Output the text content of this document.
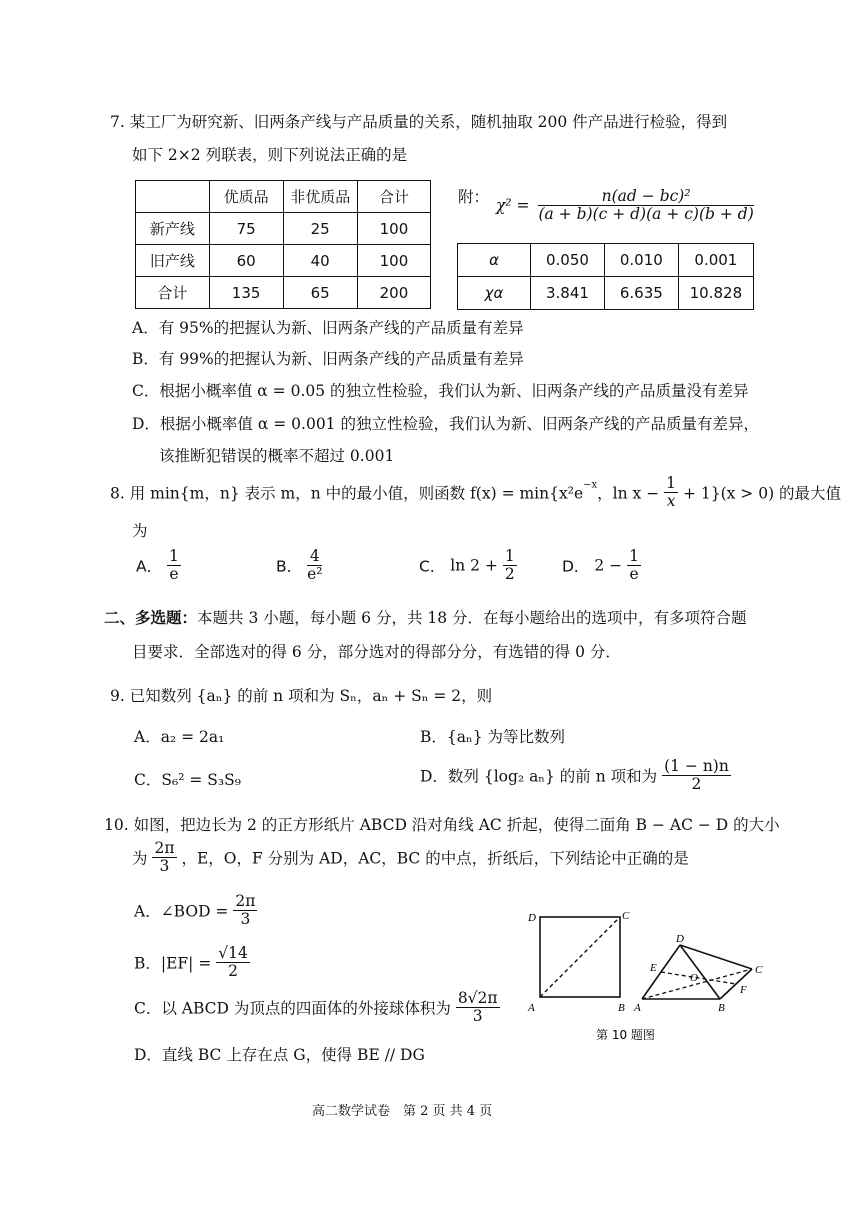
7. 某工厂为研究新、旧两条产线与产品质量的关系，随机抽取 200 件产品进行检验，得到
如下 2×2 列联表，则下列说法正确的是
	优质品	非优质品	合计
新产线	75	25	100
旧产线	60	40	100
合计	135	65	200
附： $\chi^2 = \frac{\text{n(ad − bc)²}}{(a + b)(c + d)(a + c)(b + d)}$
α	0.050	0.010	0.001
χα	3.841	6.635	10.828
A．有 95%的把握认为新、旧两条产线的产品质量有差异
B．有 99%的把握认为新、旧两条产线的产品质量有差异
C．根据小概率值 α = 0.05 的独立性检验，我们认为新、旧两条产线的产品质量没有差异
D．根据小概率值 α = 0.001 的独立性检验，我们认为新、旧两条产线的产品质量有差异，
该推断犯错误的概率不超过 0.001
8. 用 min{m，n} 表示 m，n 中的最小值，则函数 $f(x) = \min\{x^2e^{-x}$，$\ln x - \frac{1}{x} + 1\}(x > 0)$ 的最大值
为
A． $\frac{1}{e}$	B． $\frac{4}{\text{e²}}$	C． $\ln 2 + \frac{1}{2}$	D． $2 - \frac{1}{e}$
二、多选题：本题共 3 小题，每小题 6 分，共 18 分．在每小题给出的选项中，有多项符合题
目要求．全部选对的得 6 分，部分选对的得部分分，有选错的得 0 分．
9. 已知数列 {aₙ} 的前 n 项和为 Sₙ，aₙ + Sₙ = 2，则
A．a₂ = 2a₁	B．{aₙ} 为等比数列
C．S₆² = S₃S₉	D．数列 {log₂ aₙ} 的前 n 项和为 $\frac{(1 - n)n}{2}$
10. 如图，把边长为 2 的正方形纸片 ABCD 沿对角线 AC 折起，使得二面角 B − AC − D 的大小
为 $\frac{2\pi}{3}$ ，E，O，F 分别为 AD，AC，BC 的中点，折纸后，下列结论中正确的是
A．∠BOD = $\frac{2\pi}{3}$
B．$|EF| = \frac{√14}{2}$
C．以 ABCD 为顶点的四面体的外接球体积为 $\frac{8√2\pi}{3}$
D．直线 BC 上存在点 G，使得 BE // DG
D	C
A	B
D
C
A	B
E
O
F
第 10 题图
高二数学试卷　第 2 页 共 4 页
